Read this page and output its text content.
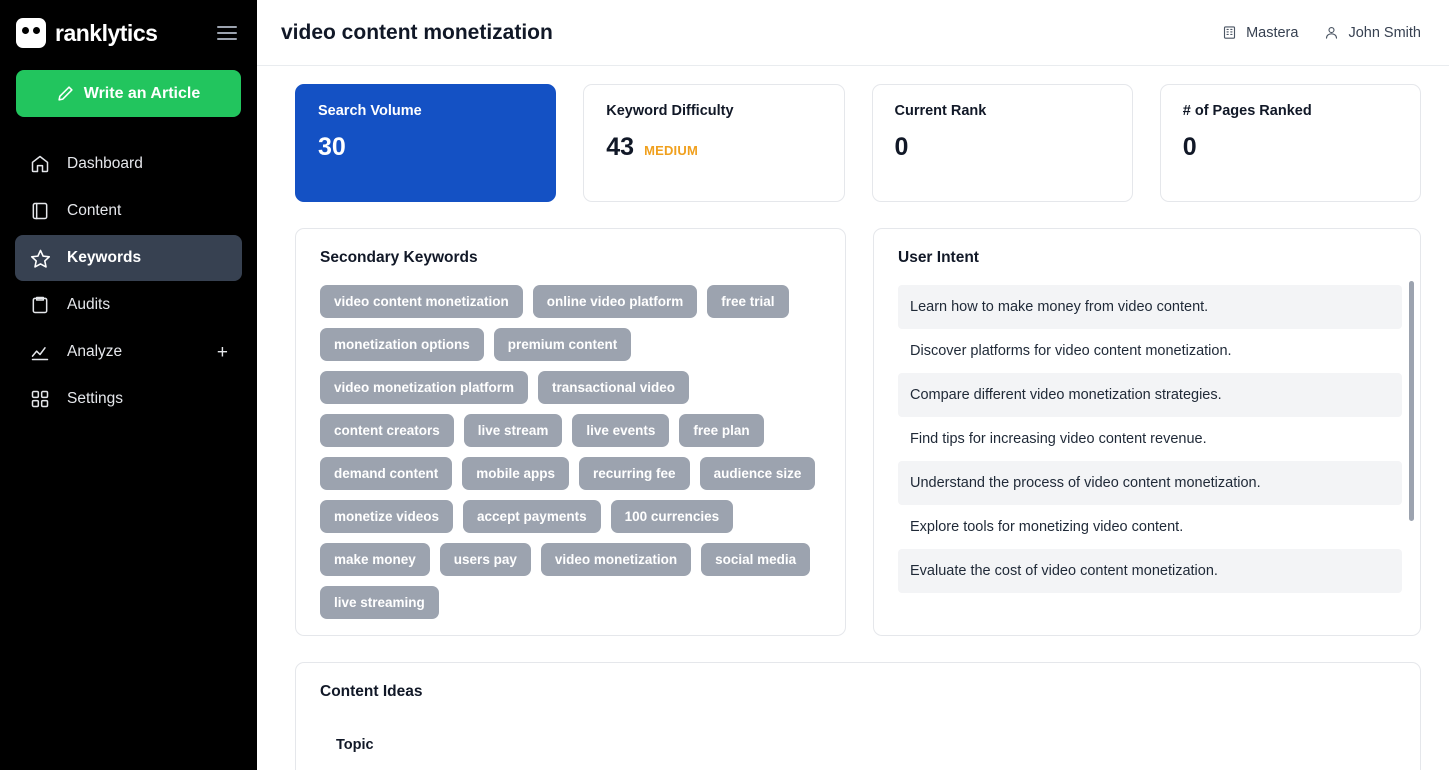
ranklytics
Write an Article
Dashboard
Content
Keywords
Audits
Analyze	+
Settings
video content monetization	Mastera	John Smith
Search Volume
30
Keyword Difficulty
43 MEDIUM
Current Rank
0
# of Pages Ranked
0
Secondary Keywords
video content monetization	online video platform	free trial
monetization options	premium content
video monetization platform	transactional video
content creators	live stream	live events	free plan
demand content	mobile apps	recurring fee	audience size
monetize videos	accept payments	100 currencies
make money	users pay	video monetization	social media
live streaming
User Intent
Learn how to make money from video content.
Discover platforms for video content monetization.
Compare different video monetization strategies.
Find tips for increasing video content revenue.
Understand the process of video content monetization.
Explore tools for monetizing video content.
Evaluate the cost of video content monetization.
Content Ideas
Topic
